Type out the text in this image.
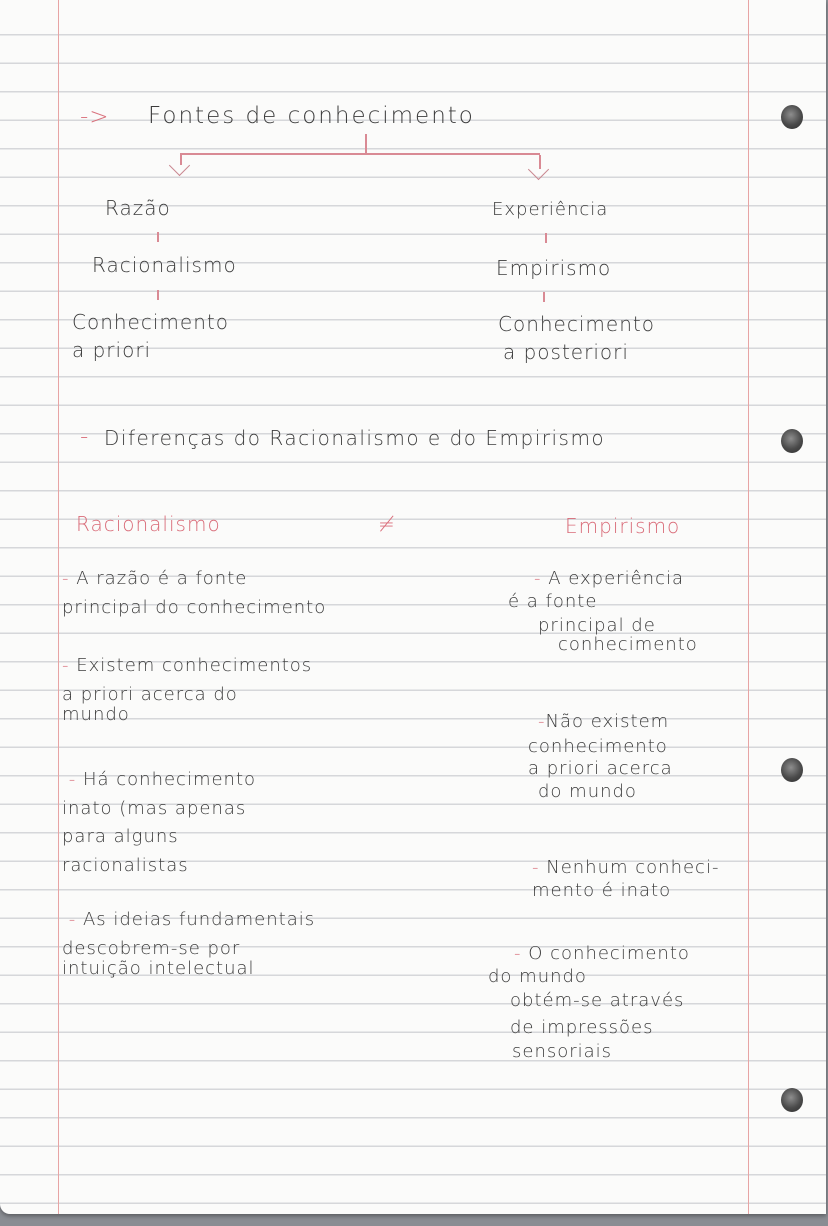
-> Fontes de conhecimento
Razão
Racionalismo
Conhecimento
a priori
Experiência
Empirismo
Conhecimento
a posteriori
- Diferenças do Racionalismo e do Empirismo
Racionalismo	≠	Empirismo
- A razão é a fonte
principal do conhecimento
- Existem conhecimentos
a priori acerca do
mundo
- Há conhecimento
inato (mas apenas
para alguns
racionalistas
- As ideias fundamentais
descobrem-se por
intuição intelectual
- A experiência
é a fonte
principal de
conhecimento
-Não existem
conhecimento
a priori acerca
do mundo
- Nenhum conheci-
mento é inato
- O conhecimento
do mundo
obtém-se através
de impressões
sensoriais
